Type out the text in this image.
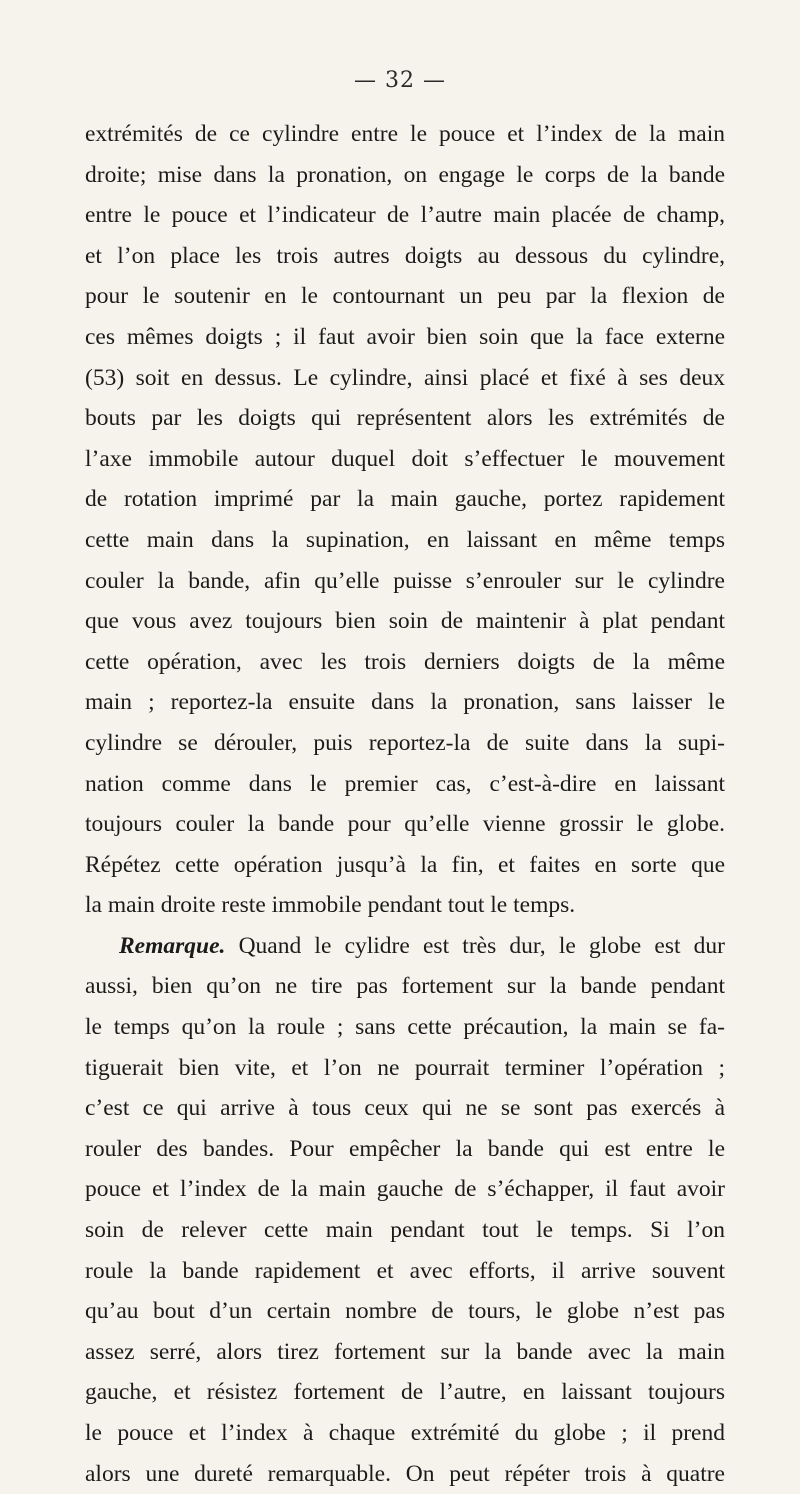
— 32 —
extrémités de ce cylindre entre le pouce et l’index de la main
droite; mise dans la pronation, on engage le corps de la bande
entre le pouce et l’indicateur de l’autre main placée de champ,
et l’on place les trois autres doigts au dessous du cylindre,
pour le soutenir en le contournant un peu par la flexion de
ces mêmes doigts ; il faut avoir bien soin que la face externe
(53) soit en dessus. Le cylindre, ainsi placé et fixé à ses deux
bouts par les doigts qui représentent alors les extrémités de
l’axe immobile autour duquel doit s’effectuer le mouvement
de rotation imprimé par la main gauche, portez rapidement
cette main dans la supination, en laissant en même temps
couler la bande, afin qu’elle puisse s’enrouler sur le cylindre
que vous avez toujours bien soin de maintenir à plat pendant
cette opération, avec les trois derniers doigts de la même
main ; reportez-la ensuite dans la pronation, sans laisser le
cylindre se dérouler, puis reportez-la de suite dans la supi-
nation comme dans le premier cas, c’est-à-dire en laissant
toujours couler la bande pour qu’elle vienne grossir le globe.
Répétez cette opération jusqu’à la fin, et faites en sorte que
la main droite reste immobile pendant tout le temps.
Remarque. Quand le cylidre est très dur, le globe est dur
aussi, bien qu’on ne tire pas fortement sur la bande pendant
le temps qu’on la roule ; sans cette précaution, la main se fa-
tiguerait bien vite, et l’on ne pourrait terminer l’opération ;
c’est ce qui arrive à tous ceux qui ne se sont pas exercés à
rouler des bandes. Pour empêcher la bande qui est entre le
pouce et l’index de la main gauche de s’échapper, il faut avoir
soin de relever cette main pendant tout le temps. Si l’on
roule la bande rapidement et avec efforts, il arrive souvent
qu’au bout d’un certain nombre de tours, le globe n’est pas
assez serré, alors tirez fortement sur la bande avec la main
gauche, et résistez fortement de l’autre, en laissant toujours
le pouce et l’index à chaque extrémité du globe ; il prend
alors une dureté remarquable. On peut répéter trois à quatre
